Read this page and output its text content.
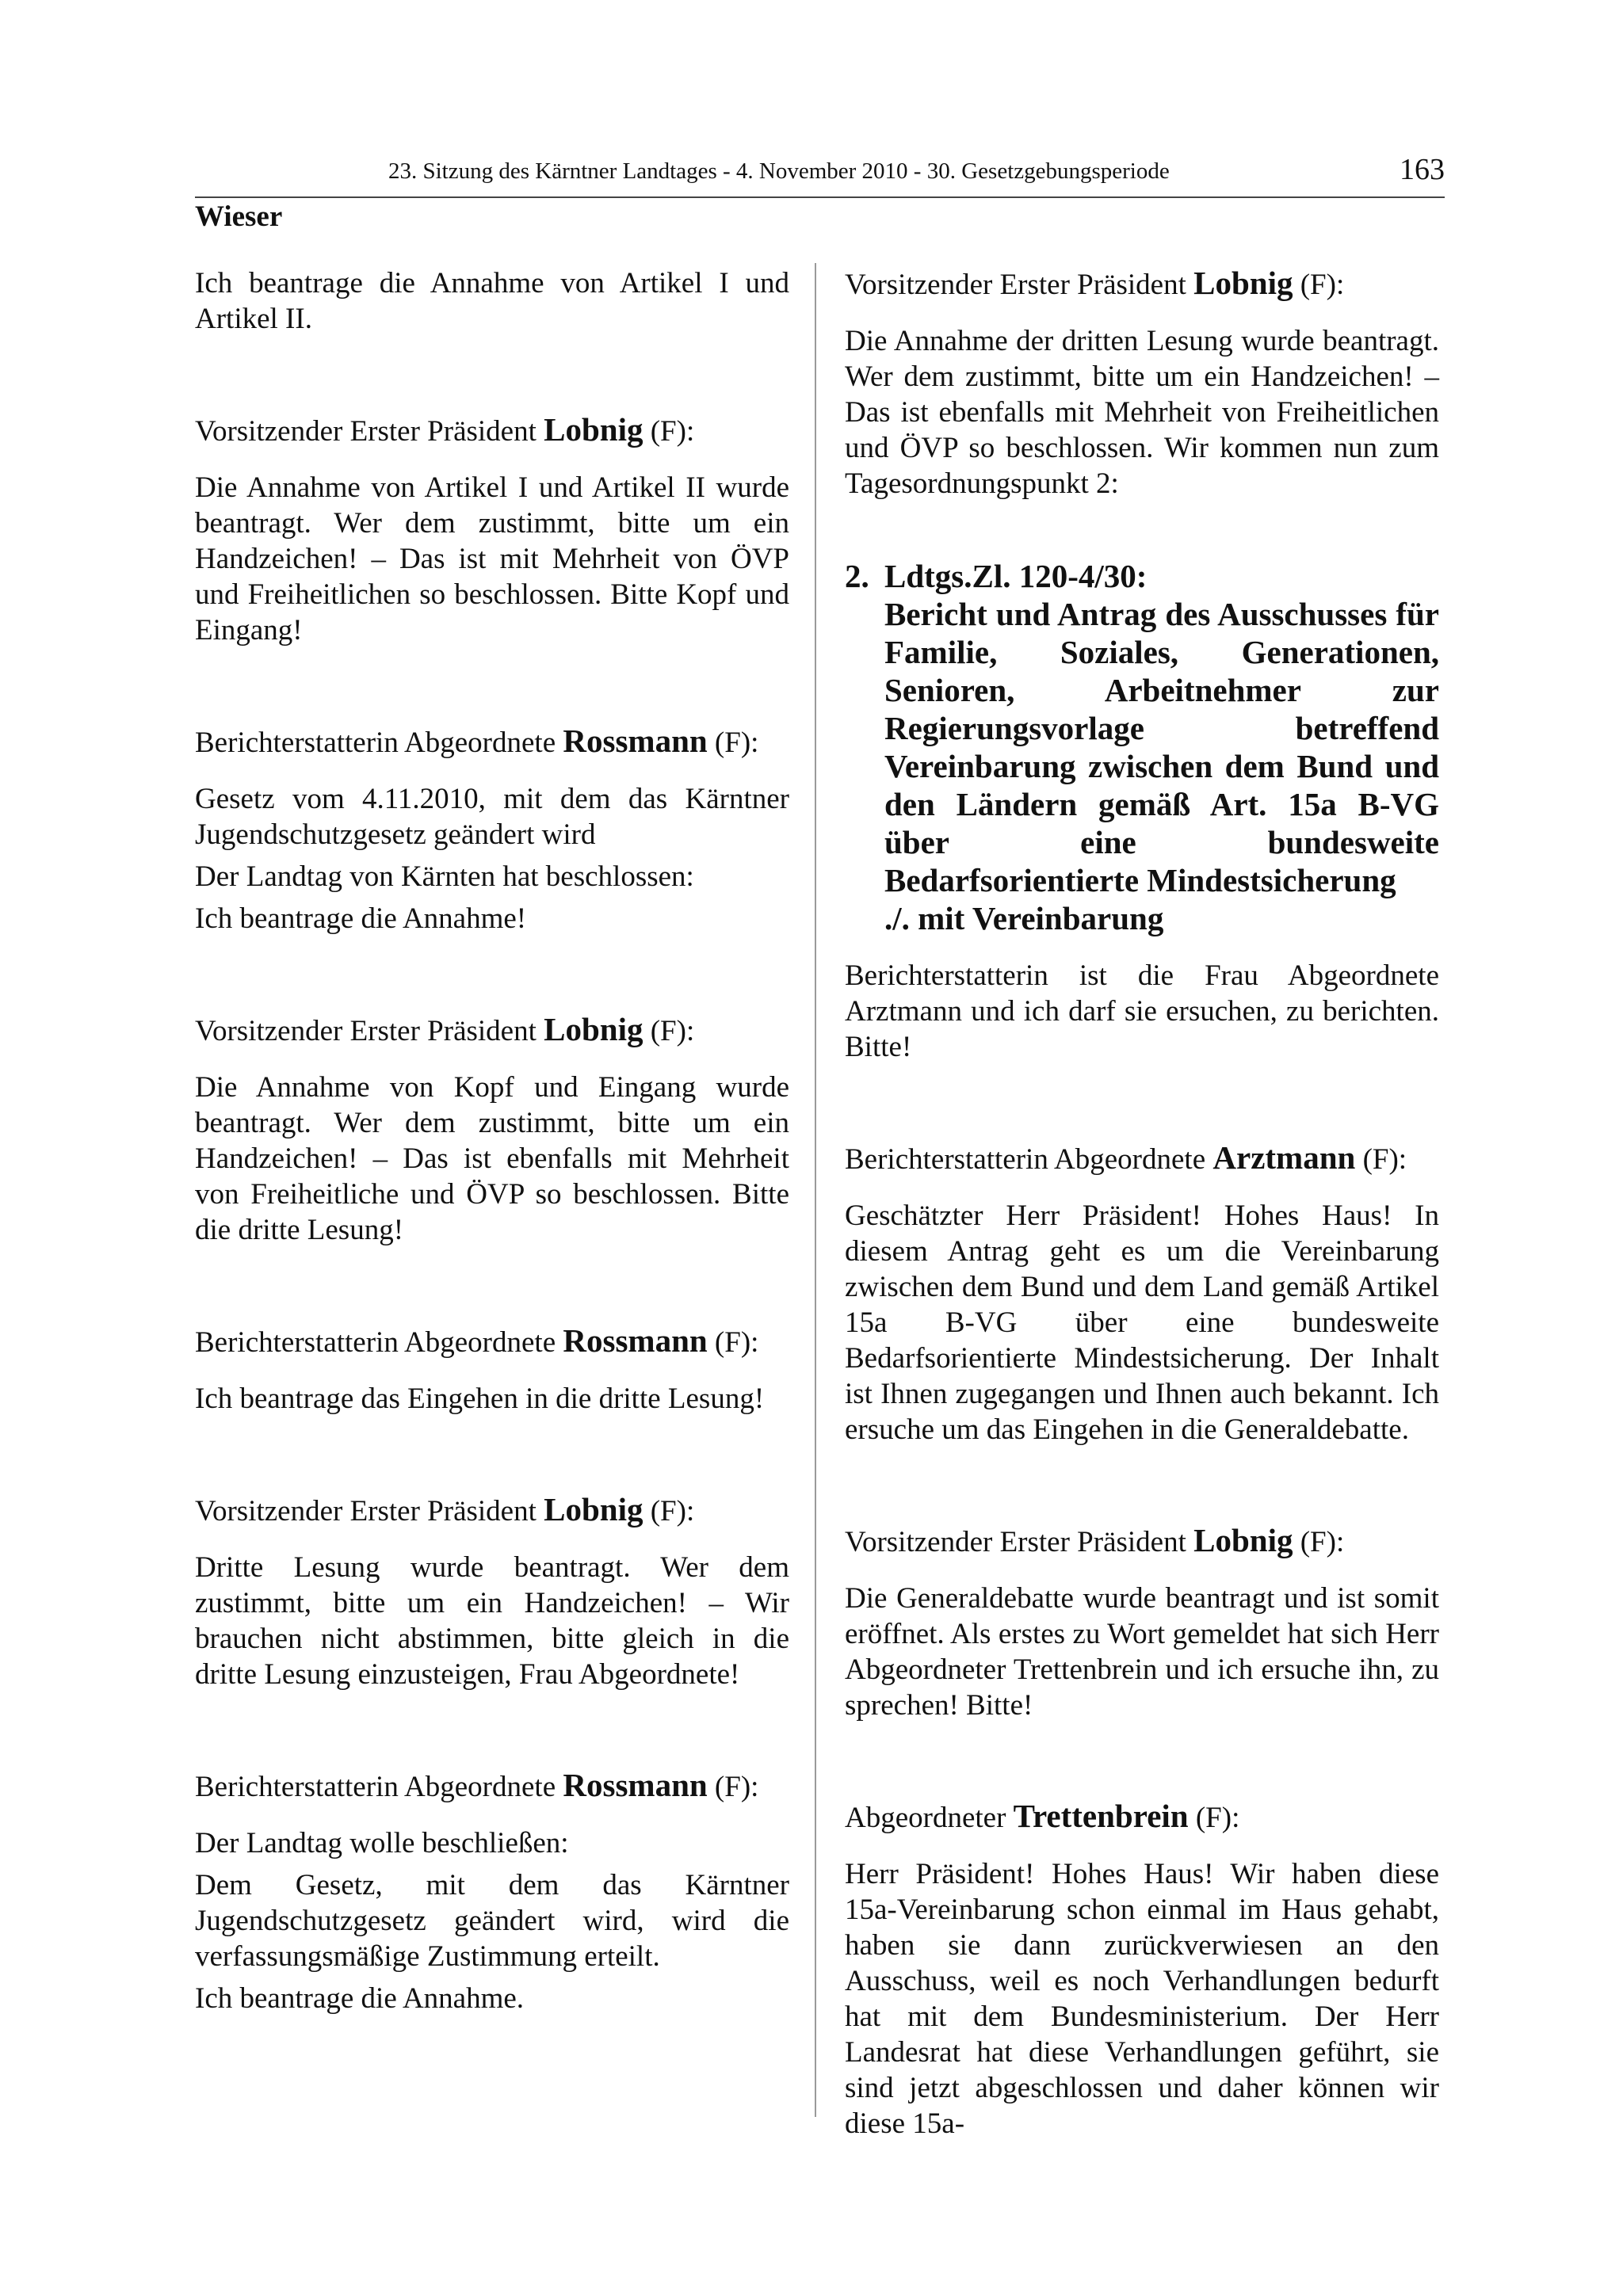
23. Sitzung des Kärntner Landtages - 4. November 2010 - 30. Gesetzgebungsperiode	163
Wieser

Ich beantrage die Annahme von Artikel I und Artikel II.

Vorsitzender Erster Präsident Lobnig (F):

Die Annahme von Artikel I und Artikel II wurde beantragt. Wer dem zustimmt, bitte um ein Handzeichen! – Das ist mit Mehrheit von ÖVP und Freiheitlichen so beschlossen. Bitte Kopf und Eingang!

Berichterstatterin Abgeordnete Rossmann (F):

Gesetz vom 4.11.2010, mit dem das Kärntner Jugendschutzgesetz geändert wird

Der Landtag von Kärnten hat beschlossen:

Ich beantrage die Annahme!

Vorsitzender Erster Präsident Lobnig (F):

Die Annahme von Kopf und Eingang wurde beantragt. Wer dem zustimmt, bitte um ein Handzeichen! – Das ist ebenfalls mit Mehrheit von Freiheitliche und ÖVP so beschlossen. Bitte die dritte Lesung!

Berichterstatterin Abgeordnete Rossmann (F):

Ich beantrage das Eingehen in die dritte Lesung!

Vorsitzender Erster Präsident Lobnig (F):

Dritte Lesung wurde beantragt. Wer dem zustimmt, bitte um ein Handzeichen! – Wir brauchen nicht abstimmen, bitte gleich in die dritte Lesung einzusteigen, Frau Abgeordnete!

Berichterstatterin Abgeordnete Rossmann (F):

Der Landtag wolle beschließen:

Dem Gesetz, mit dem das Kärntner Jugendschutzgesetz geändert wird, wird die verfassungsmäßige Zustimmung erteilt.

Ich beantrage die Annahme.

Vorsitzender Erster Präsident Lobnig (F):

Die Annahme der dritten Lesung wurde beantragt. Wer dem zustimmt, bitte um ein Handzeichen! – Das ist ebenfalls mit Mehrheit von Freiheitlichen und ÖVP so beschlossen. Wir kommen nun zum Tagesordnungspunkt 2:

2. Ldtgs.Zl. 120-4/30:
Bericht und Antrag des Ausschusses für Familie, Soziales, Generationen, Senioren, Arbeitnehmer zur Regierungsvorlage betreffend Vereinbarung zwischen dem Bund und den Ländern gemäß Art. 15a B-VG über eine bundesweite Bedarfsorientierte Mindestsicherung
./. mit Vereinbarung

Berichterstatterin ist die Frau Abgeordnete Arztmann und ich darf sie ersuchen, zu berichten. Bitte!

Berichterstatterin Abgeordnete Arztmann (F):

Geschätzter Herr Präsident! Hohes Haus! In diesem Antrag geht es um die Vereinbarung zwischen dem Bund und dem Land gemäß Artikel 15a B-VG über eine bundesweite Bedarfsorientierte Mindestsicherung. Der Inhalt ist Ihnen zugegangen und Ihnen auch bekannt. Ich ersuche um das Eingehen in die Generaldebatte.

Vorsitzender Erster Präsident Lobnig (F):

Die Generaldebatte wurde beantragt und ist somit eröffnet. Als erstes zu Wort gemeldet hat sich Herr Abgeordneter Trettenbrein und ich ersuche ihn, zu sprechen! Bitte!

Abgeordneter Trettenbrein (F):

Herr Präsident! Hohes Haus! Wir haben diese 15a-Vereinbarung schon einmal im Haus gehabt, haben sie dann zurückverwiesen an den Ausschuss, weil es noch Verhandlungen bedurft hat mit dem Bundesministerium. Der Herr Landesrat hat diese Verhandlungen geführt, sie sind jetzt abgeschlossen und daher können wir diese 15a-
